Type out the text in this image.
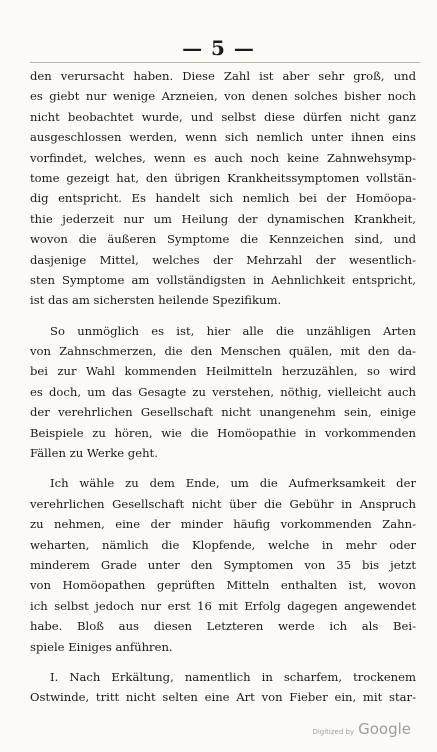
— 5 —
den verursacht haben. Diese Zahl ist aber sehr groß, und
es giebt nur wenige Arzneien, von denen solches bisher noch
nicht beobachtet wurde, und selbst diese dürfen nicht ganz
ausgeschlossen werden, wenn sich nemlich unter ihnen eins
vorfindet, welches, wenn es auch noch keine Zahnwehsymp-
tome gezeigt hat, den übrigen Krankheitssymptomen vollstän-
dig entspricht. Es handelt sich nemlich bei der Homöopa-
thie jederzeit nur um Heilung der dynamischen Krankheit,
wovon die äußeren Symptome die Kennzeichen sind, und
dasjenige Mittel, welches der Mehrzahl der wesentlich-
sten Symptome am vollständigsten in Aehnlichkeit entspricht,
ist das am sichersten heilende Spezifikum.
So unmöglich es ist, hier alle die unzähligen Arten
von Zahnschmerzen, die den Menschen quälen, mit den da-
bei zur Wahl kommenden Heilmitteln herzuzählen, so wird
es doch, um das Gesagte zu verstehen, nöthig, vielleicht auch
der verehrlichen Gesellschaft nicht unangenehm sein, einige
Beispiele zu hören, wie die Homöopathie in vorkommenden
Fällen zu Werke geht.
Ich wähle zu dem Ende, um die Aufmerksamkeit der
verehrlichen Gesellschaft nicht über die Gebühr in Anspruch
zu nehmen, eine der minder häufig vorkommenden Zahn-
weharten, nämlich die Klopfende, welche in mehr oder
minderem Grade unter den Symptomen von 35 bis jetzt
von Homöopathen geprüften Mitteln enthalten ist, wovon
ich selbst jedoch nur erst 16 mit Erfolg dagegen angewendet
habe. Bloß aus diesen Letzteren werde ich als Bei-
spiele Einiges anführen.
I. Nach Erkältung, namentlich in scharfem, trockenem
Ostwinde, tritt nicht selten eine Art von Fieber ein, mit star-
Digitized by Google
